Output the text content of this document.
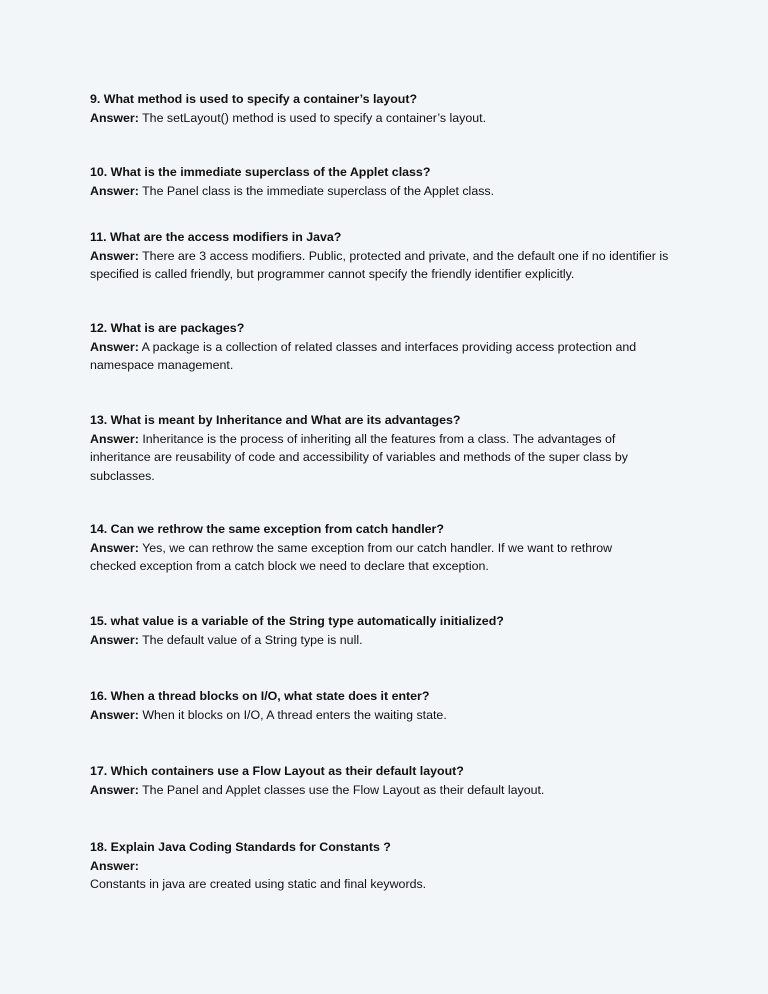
9. What method is used to specify a container’s layout?

Answer: The setLayout() method is used to specify a container’s layout.

10. What is the immediate superclass of the Applet class?

Answer: The Panel class is the immediate superclass of the Applet class.

11. What are the access modifiers in Java?

Answer: There are 3 access modifiers. Public, protected and private, and the default one if no identifier is specified is called friendly, but programmer cannot specify the friendly identifier explicitly.

12. What is are packages?

Answer: A package is a collection of related classes and interfaces providing access protection and namespace management.

13. What is meant by Inheritance and What are its advantages?

Answer: Inheritance is the process of inheriting all the features from a class. The advantages of inheritance are reusability of code and accessibility of variables and methods of the super class by subclasses.

14. Can we rethrow the same exception from catch handler?

Answer: Yes, we can rethrow the same exception from our catch handler. If we want to rethrow checked exception from a catch block we need to declare that exception.

15. what value is a variable of the String type automatically initialized?

Answer: The default value of a String type is null.

16. When a thread blocks on I/O, what state does it enter?

Answer: When it blocks on I/O, A thread enters the waiting state.

17. Which containers use a Flow Layout as their default layout?

Answer: The Panel and Applet classes use the Flow Layout as their default layout.

18. Explain Java Coding Standards for Constants ?

Answer:
Constants in java are created using static and final keywords.
